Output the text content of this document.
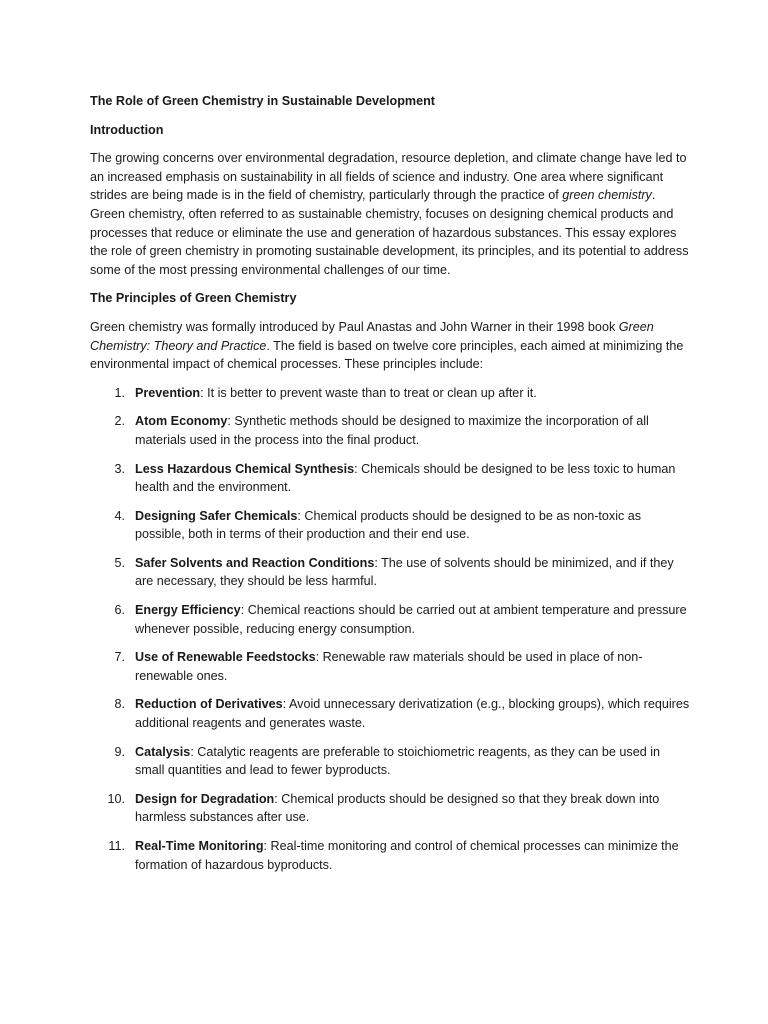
The Role of Green Chemistry in Sustainable Development
Introduction
The growing concerns over environmental degradation, resource depletion, and climate change have led to an increased emphasis on sustainability in all fields of science and industry. One area where significant strides are being made is in the field of chemistry, particularly through the practice of green chemistry. Green chemistry, often referred to as sustainable chemistry, focuses on designing chemical products and processes that reduce or eliminate the use and generation of hazardous substances. This essay explores the role of green chemistry in promoting sustainable development, its principles, and its potential to address some of the most pressing environmental challenges of our time.
The Principles of Green Chemistry
Green chemistry was formally introduced by Paul Anastas and John Warner in their 1998 book Green Chemistry: Theory and Practice. The field is based on twelve core principles, each aimed at minimizing the environmental impact of chemical processes. These principles include:
1. Prevention: It is better to prevent waste than to treat or clean up after it.
2. Atom Economy: Synthetic methods should be designed to maximize the incorporation of all materials used in the process into the final product.
3. Less Hazardous Chemical Synthesis: Chemicals should be designed to be less toxic to human health and the environment.
4. Designing Safer Chemicals: Chemical products should be designed to be as non-toxic as possible, both in terms of their production and their end use.
5. Safer Solvents and Reaction Conditions: The use of solvents should be minimized, and if they are necessary, they should be less harmful.
6. Energy Efficiency: Chemical reactions should be carried out at ambient temperature and pressure whenever possible, reducing energy consumption.
7. Use of Renewable Feedstocks: Renewable raw materials should be used in place of non-renewable ones.
8. Reduction of Derivatives: Avoid unnecessary derivatization (e.g., blocking groups), which requires additional reagents and generates waste.
9. Catalysis: Catalytic reagents are preferable to stoichiometric reagents, as they can be used in small quantities and lead to fewer byproducts.
10. Design for Degradation: Chemical products should be designed so that they break down into harmless substances after use.
11. Real-Time Monitoring: Real-time monitoring and control of chemical processes can minimize the formation of hazardous byproducts.
